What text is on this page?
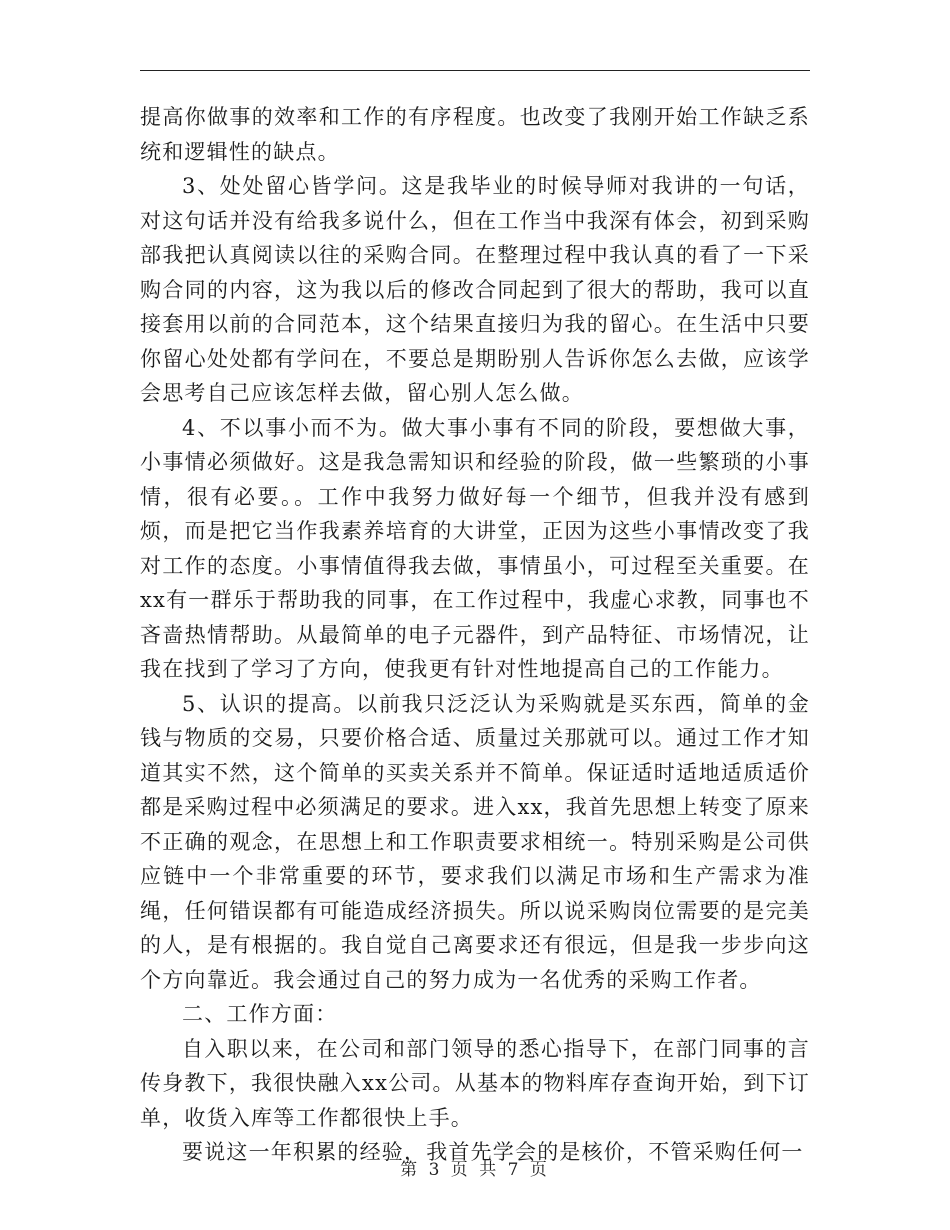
提高你做事的效率和工作的有序程度。也改变了我刚开始工作缺乏系统和逻辑性的缺点。

3、处处留心皆学问。这是我毕业的时候导师对我讲的一句话，对这句话并没有给我多说什么，但在工作当中我深有体会，初到采购部我把认真阅读以往的采购合同。在整理过程中我认真的看了一下采购合同的内容，这为我以后的修改合同起到了很大的帮助，我可以直接套用以前的合同范本，这个结果直接归为我的留心。在生活中只要你留心处处都有学问在，不要总是期盼别人告诉你怎么去做，应该学会思考自己应该怎样去做，留心别人怎么做。

4、不以事小而不为。做大事小事有不同的阶段，要想做大事，小事情必须做好。这是我急需知识和经验的阶段，做一些繁琐的小事情，很有必要。。工作中我努力做好每一个细节，但我并没有感到烦，而是把它当作我素养培育的大讲堂，正因为这些小事情改变了我对工作的态度。小事情值得我去做，事情虽小，可过程至关重要。在xx有一群乐于帮助我的同事，在工作过程中，我虚心求教，同事也不吝啬热情帮助。从最简单的电子元器件，到产品特征、市场情况，让我在找到了学习了方向，使我更有针对性地提高自己的工作能力。

5、认识的提高。以前我只泛泛认为采购就是买东西，简单的金钱与物质的交易，只要价格合适、质量过关那就可以。通过工作才知道其实不然，这个简单的买卖关系并不简单。保证适时适地适质适价都是采购过程中必须满足的要求。进入xx，我首先思想上转变了原来不正确的观念，在思想上和工作职责要求相统一。特别采购是公司供应链中一个非常重要的环节，要求我们以满足市场和生产需求为准绳，任何错误都有可能造成经济损失。所以说采购岗位需要的是完美的人，是有根据的。我自觉自己离要求还有很远，但是我一步步向这个方向靠近。我会通过自己的努力成为一名优秀的采购工作者。

二、工作方面：

自入职以来，在公司和部门领导的悉心指导下，在部门同事的言传身教下，我很快融入xx公司。从基本的物料库存查询开始，到下订单，收货入库等工作都很快上手。

要说这一年积累的经验，我首先学会的是核价，不管采购任何一

第 3 页 共 7 页
